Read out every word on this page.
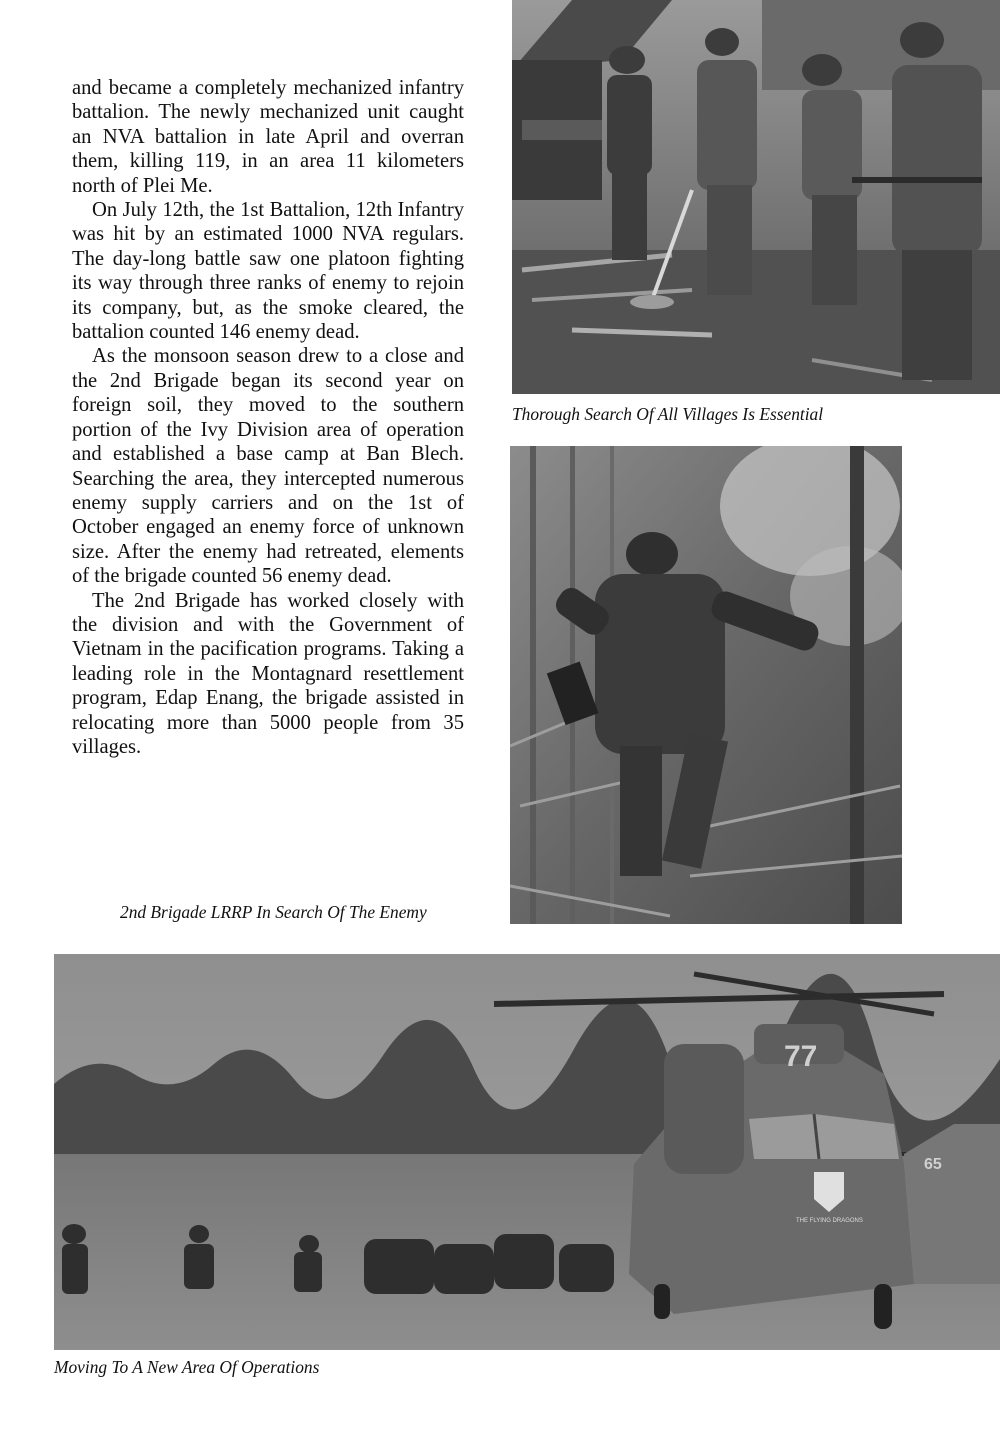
and became a completely mechanized infantry battalion. The newly mechanized unit caught an NVA battalion in late April and overran them, killing 119, in an area 11 kilometers north of Plei Me.

On July 12th, the 1st Battalion, 12th Infantry was hit by an estimated 1000 NVA regulars. The day-long battle saw one platoon fighting its way through three ranks of enemy to rejoin its company, but, as the smoke cleared, the battalion counted 146 enemy dead.

As the monsoon season drew to a close and the 2nd Brigade began its second year on foreign soil, they moved to the southern portion of the Ivy Division area of operation and established a base camp at Ban Blech. Searching the area, they intercepted numerous enemy supply carriers and on the 1st of October engaged an enemy force of unknown size. After the enemy had retreated, elements of the brigade counted 56 enemy dead.

The 2nd Brigade has worked closely with the division and with the Government of Vietnam in the pacification programs. Taking a leading role in the Montagnard resettlement program, Edap Enang, the brigade assisted in relocating more than 5000 people from 35 villages.

Thorough Search Of All Villages Is Essential
2nd Brigade LRRP In Search Of The Enemy
77
THE FLYING DRAGONS
65
Moving To A New Area Of Operations
